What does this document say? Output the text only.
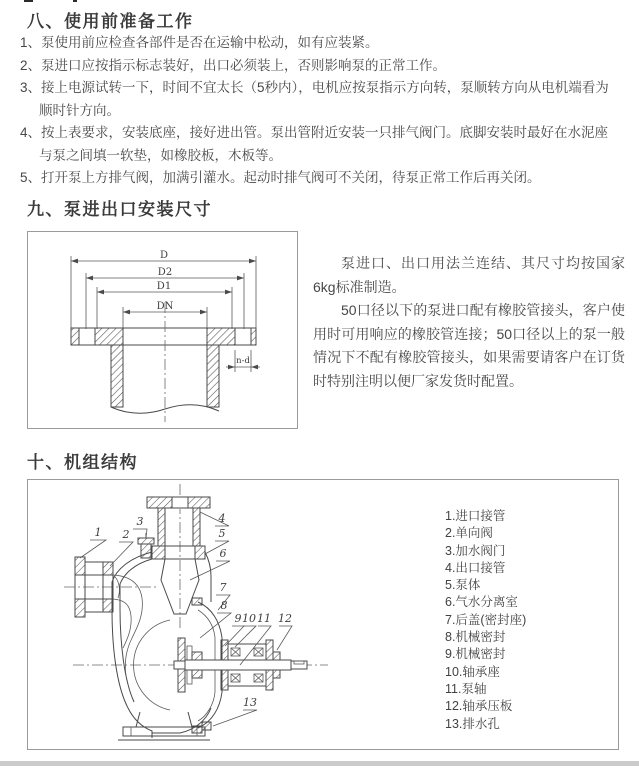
八、使用前准备工作
1、泵使用前应检查各部件是否在运输中松动，如有应装紧。
2、泵进口应按指示标志装好，出口必须装上，否则影响泵的正常工作。
3、接上电源试转一下，时间不宜太长（5秒内），电机应按泵指示方向转，泵顺转方向从电机端看为顺时针方向。
4、按上表要求，安装底座，接好进出管。泵出管附近安装一只排气阀门。底脚安装时最好在水泥座与泵之间填一软垫，如橡胶板，木板等。
5、打开泵上方排气阀，加满引灌水。起动时排气阀可不关闭，待泵正常工作后再关闭。
九、泵进出口安装尺寸
D
D2
D1
DN
n-d

泵进口、出口用法兰连结、其尺寸均按国家6kg标准制造。

50口径以下的泵进口配有橡胶管接头，客户使用时可用响应的橡胶管连接；50口径以上的泵一般情况下不配有橡胶管接头，如果需要请客户在订货时特别注明以便厂家发货时配置。

十、机组结构
1 2
3	4
5
6
7
8
9 10 11 12
13
1.进口接管
2.单向阀
3.加水阀门
4.出口接管
5.泵体
6.气水分离室
7.后盖(密封座)
8.机械密封
9.机械密封
10.轴承座
11.泵轴
12.轴承压板
13.排水孔
